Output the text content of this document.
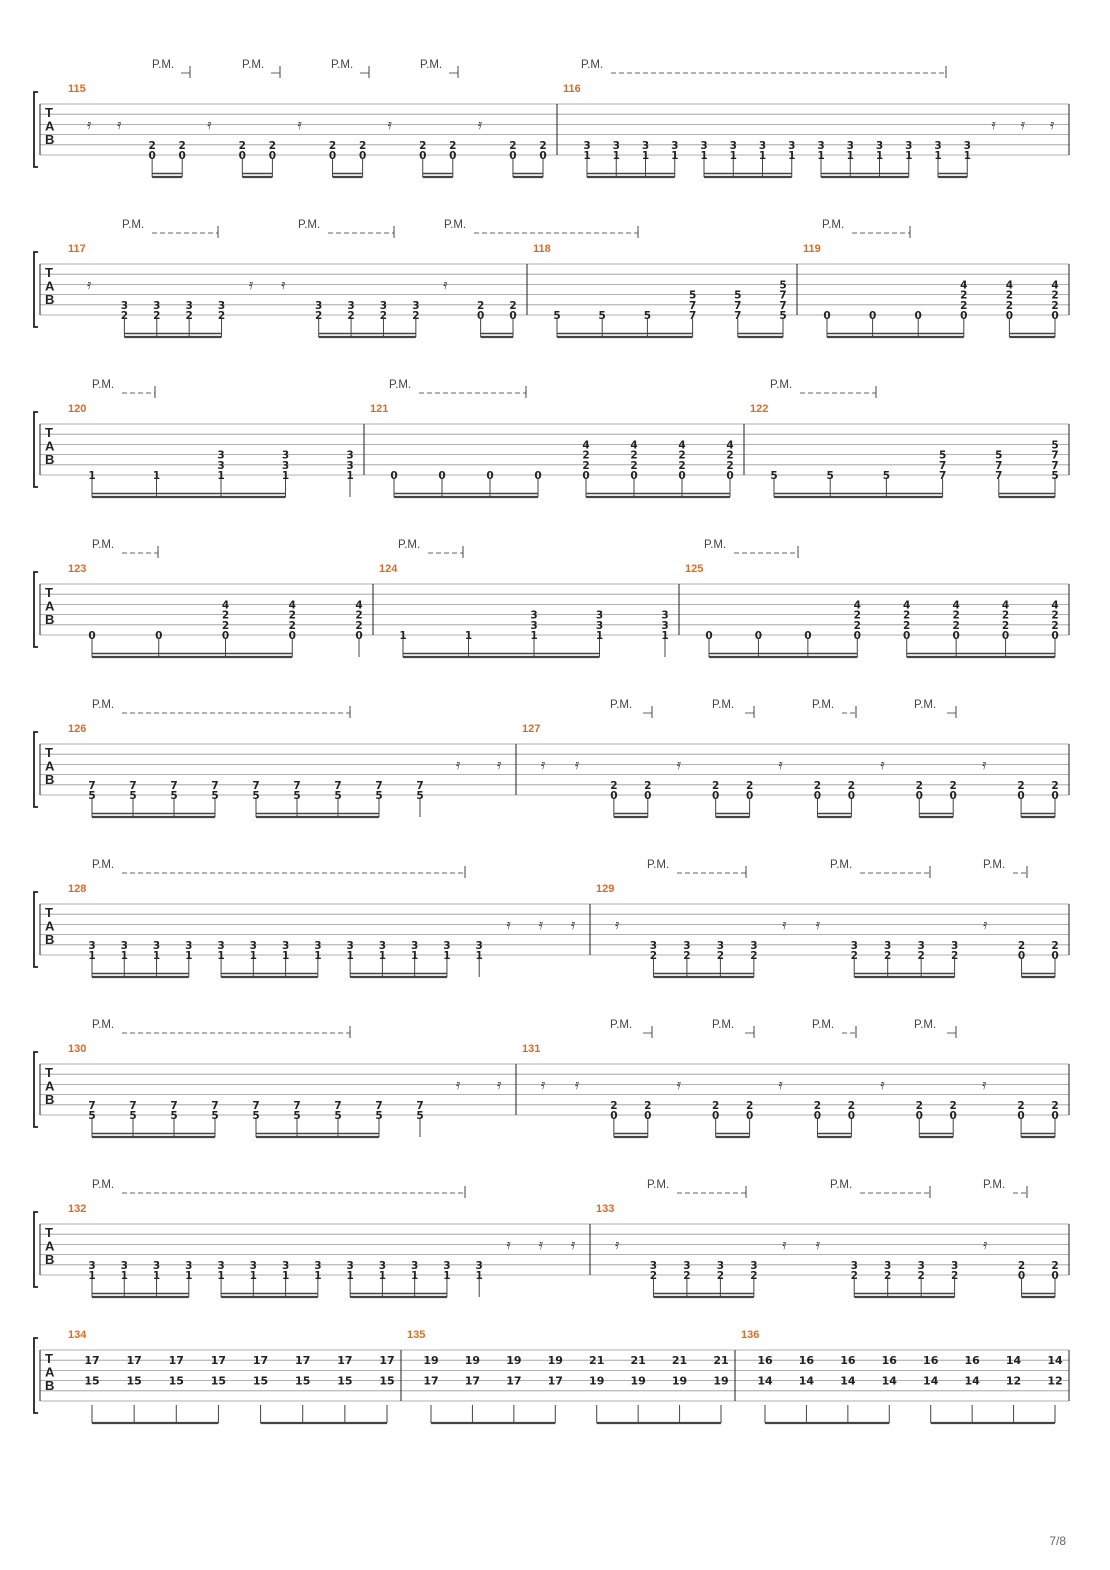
T
A
B
P.M.	P.M.	P.M.	P.M.	P.M.
115
𝄿 𝄿
2
0
2
0
𝄿
2
0
2
0
𝄿
2
0
2
0
𝄿
2
0
2
0
𝄿
2
0
2
0
116
3
1
3
1
3
1
3
1
3
1
3
1
3
1
3
1
3
1
3
1
3
1
3
1
3
1
3
1
𝄿 𝄿 𝄿
T
A
B
P.M.	P.M.	P.M.	P.M.
117
𝄿
3
2
3
2
3
2
3
2
𝄿 𝄿
3
2
3
2
3
2
3
2
𝄿
2
0
2
0
118
5	5	5
5
7
7
5
7
7
5
7
7
5
119
0	0	0
4
2
2
0
4
2
2
0
4
2
2
0
T
A
B
P.M.	P.M.	P.M.
120
1	1
3
3
1
3
3
1
3
3
1
121
0	0	0	0
4
2
2
0
4
2
2
0
4
2
2
0
4
2
2
0
122
5	5	5
5
7
7
5
7
7
5
7
7
5
T
A
B
P.M.	P.M.	P.M.
123
0	0
4
2
2
0
4
2
2
0
4
2
2
0
124
1	1
3
3
1
3
3
1
3
3
1
125
0	0	0
4
2
2
0
4
2
2
0
4
2
2
0
4
2
2
0
4
2
2
0
T
A
B
P.M.	P.M.	P.M.	P.M.	P.M.
126
7
5
7
5
7
5
7
5
7
5
7
5
7
5
7
5
7
5
𝄿	𝄿
127
𝄿 𝄿
2
0
2
0
𝄿
2
0
2
0
𝄿
2
0
2
0
𝄿
2
0
2
0
𝄿
2
0
2
0
T
A
B
P.M.	P.M.	P.M.	P.M.
128
3
1
3
1
3
1
3
1
3
1
3
1
3
1
3
1
3
1
3
1
3
1
3
1
3
1
𝄿 𝄿 𝄿
129
𝄿
3
2
3
2
3
2
3
2
𝄿 𝄿
3
2
3
2
3
2
3
2
𝄿
2
0
2
0
T
A
B
P.M.	P.M.	P.M.	P.M.	P.M.
130
7
5
7
5
7
5
7
5
7
5
7
5
7
5
7
5
7
5
𝄿	𝄿
131
𝄿 𝄿
2
0
2
0
𝄿
2
0
2
0
𝄿
2
0
2
0
𝄿
2
0
2
0
𝄿
2
0
2
0
T
A
B
P.M.	P.M.	P.M.	P.M.
132
3
1
3
1
3
1
3
1
3
1
3
1
3
1
3
1
3
1
3
1
3
1
3
1
3
1
𝄿 𝄿 𝄿
133
𝄿
3
2
3
2
3
2
3
2
𝄿 𝄿
3
2
3
2
3
2
3
2
𝄿
2
0
2
0
T
A
B
134
17
15
17
15
17
15
17
15
17
15
17
15
17
15
17
15
135
19
17
19
17
19
17
19
17
21
19
21
19
21
19
21
19
136
16
14
16
14
16
14
16
14
16
14
16
14
14
12
14
12
7/8
